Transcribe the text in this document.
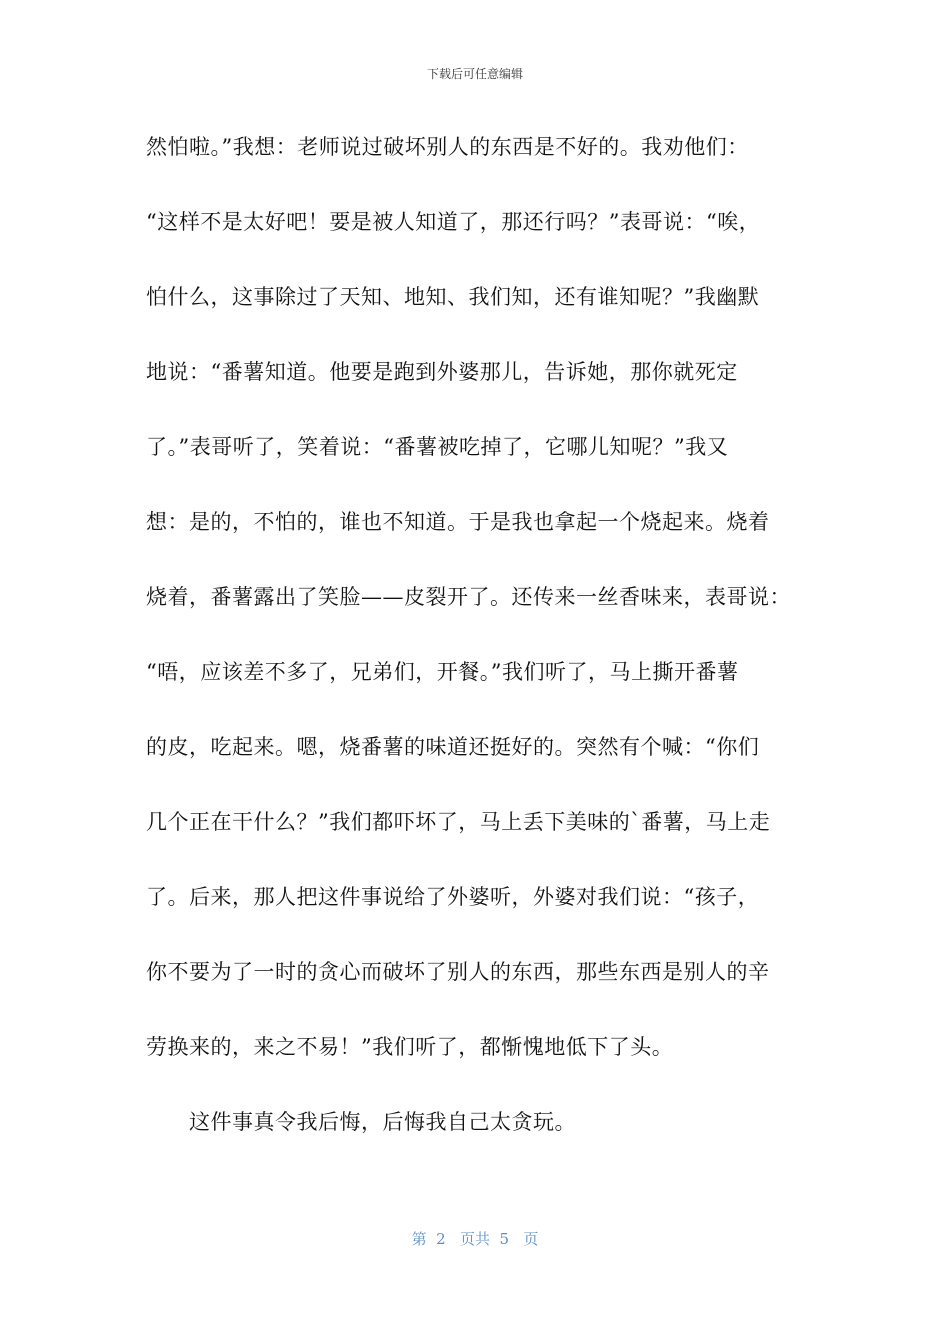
下载后可任意编辑
然怕啦。”我想：老师说过破坏别人的东西是不好的。我劝他们：
“这样不是太好吧！要是被人知道了，那还行吗？”表哥说：“唉，
怕什么，这事除过了天知、地知、我们知，还有谁知呢？”我幽默
地说：“番薯知道。他要是跑到外婆那儿，告诉她，那你就死定
了。”表哥听了，笑着说：“番薯被吃掉了，它哪儿知呢？”我又
想：是的，不怕的，谁也不知道。于是我也拿起一个烧起来。烧着
烧着，番薯露出了笑脸——皮裂开了。还传来一丝香味来，表哥说：
“唔，应该差不多了，兄弟们，开餐。”我们听了，马上撕开番薯
的皮，吃起来。嗯，烧番薯的味道还挺好的。突然有个喊：“你们
几个正在干什么？”我们都吓坏了，马上丢下美味的`番薯，马上走
了。后来，那人把这件事说给了外婆听，外婆对我们说：“孩子，
你不要为了一时的贪心而破坏了别人的东西，那些东西是别人的辛
劳换来的，来之不易！”我们听了，都惭愧地低下了头。
这件事真令我后悔，后悔我自己太贪玩。
第  2   页共  5   页
